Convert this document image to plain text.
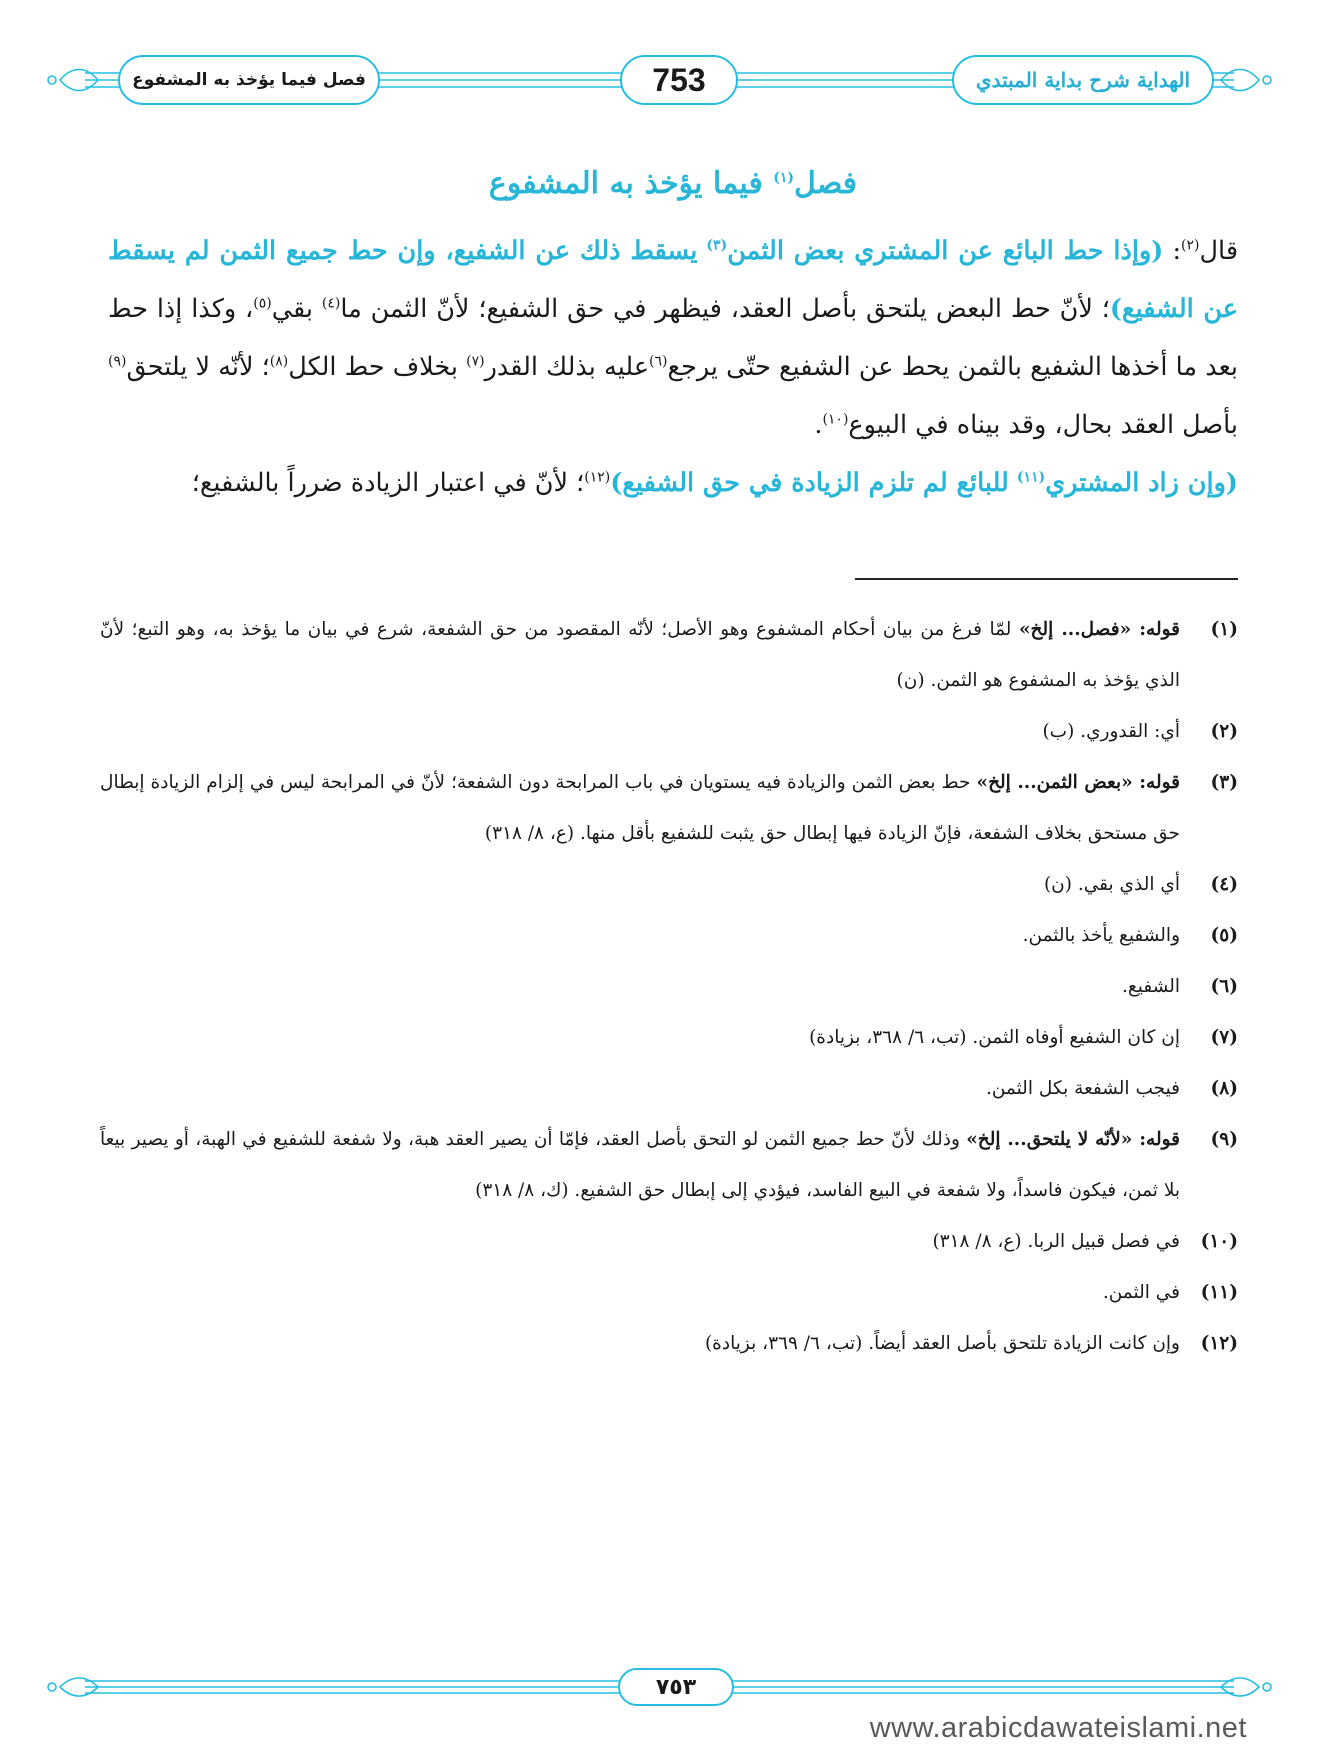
فصل فيما يؤخذ به المشفوع	753	الهداية شرح بداية المبتدي
فصل$^{(١)}$ فيما يؤخذ به المشفوع

قال$^{(٢)}$: (وإذا حط البائع عن المشتري بعض الثمن$^{(٣)}$ يسقط ذلك عن الشفيع، وإن حط جميع الثمن لم يسقط عن الشفيع)؛ لأنّ حط البعض يلتحق بأصل العقد، فيظهر في حق الشفيع؛ لأنّ الثمن ما$^{(٤)}$ بقي$^{(٥)}$، وكذا إذا حط بعد ما أخذها الشفيع بالثمن يحط عن الشفيع حتّى يرجع$^{(٦)}$عليه بذلك القدر$^{(٧)}$ بخلاف حط الكل$^{(٨)}$؛ لأنّه لا يلتحق$^{(٩)}$ بأصل العقد بحال، وقد بيناه في البيوع$^{(١٠)}$.

(وإن زاد المشتري$^{(١١)}$ للبائع لم تلزم الزيادة في حق الشفيع)$^{(١٢)}$؛ لأنّ في اعتبار الزيادة ضرراً بالشفيع؛

(١)
قوله: «فصل... إلخ» لمّا فرغ من بيان أحكام المشفوع وهو الأصل؛ لأنّه المقصود من حق الشفعة، شرع في بيان ما يؤخذ به، وهو التبع؛ لأنّ الذي يؤخذ به المشفوع هو الثمن. (ن)
(٢)
أي: القدوري. (ب)
(٣)
قوله: «بعض الثمن... إلخ» حط بعض الثمن والزيادة فيه يستويان في باب المرابحة دون الشفعة؛ لأنّ في المرابحة ليس في إلزام الزيادة إبطال حق مستحق بخلاف الشفعة، فإنّ الزيادة فيها إبطال حق يثبت للشفيع بأقل منها. (ع، ٨/ ٣١٨)
(٤)
أي الذي بقي. (ن)
(٥)
والشفيع يأخذ بالثمن.
(٦)
الشفيع.
(٧)
إن كان الشفيع أوفاه الثمن. (تب، ٦/ ٣٦٨، بزيادة)
(٨)
فيجب الشفعة بكل الثمن.
(٩)
قوله: «لأنّه لا يلتحق... إلخ» وذلك لأنّ حط جميع الثمن لو التحق بأصل العقد، فإمّا أن يصير العقد هبة، ولا شفعة للشفيع في الهبة، أو يصير بيعاً بلا ثمن، فيكون فاسداً، ولا شفعة في البيع الفاسد، فيؤدي إلى إبطال حق الشفيع. (ك، ٨/ ٣١٨)
(١٠)
في فصل قبيل الربا. (ع، ٨/ ٣١٨)
(١١)
في الثمن.
(١٢)
وإن كانت الزيادة تلتحق بأصل العقد أيضاً. (تب، ٦/ ٣٦٩، بزيادة)
٧٥٣
www.arabicdawateislami.net
